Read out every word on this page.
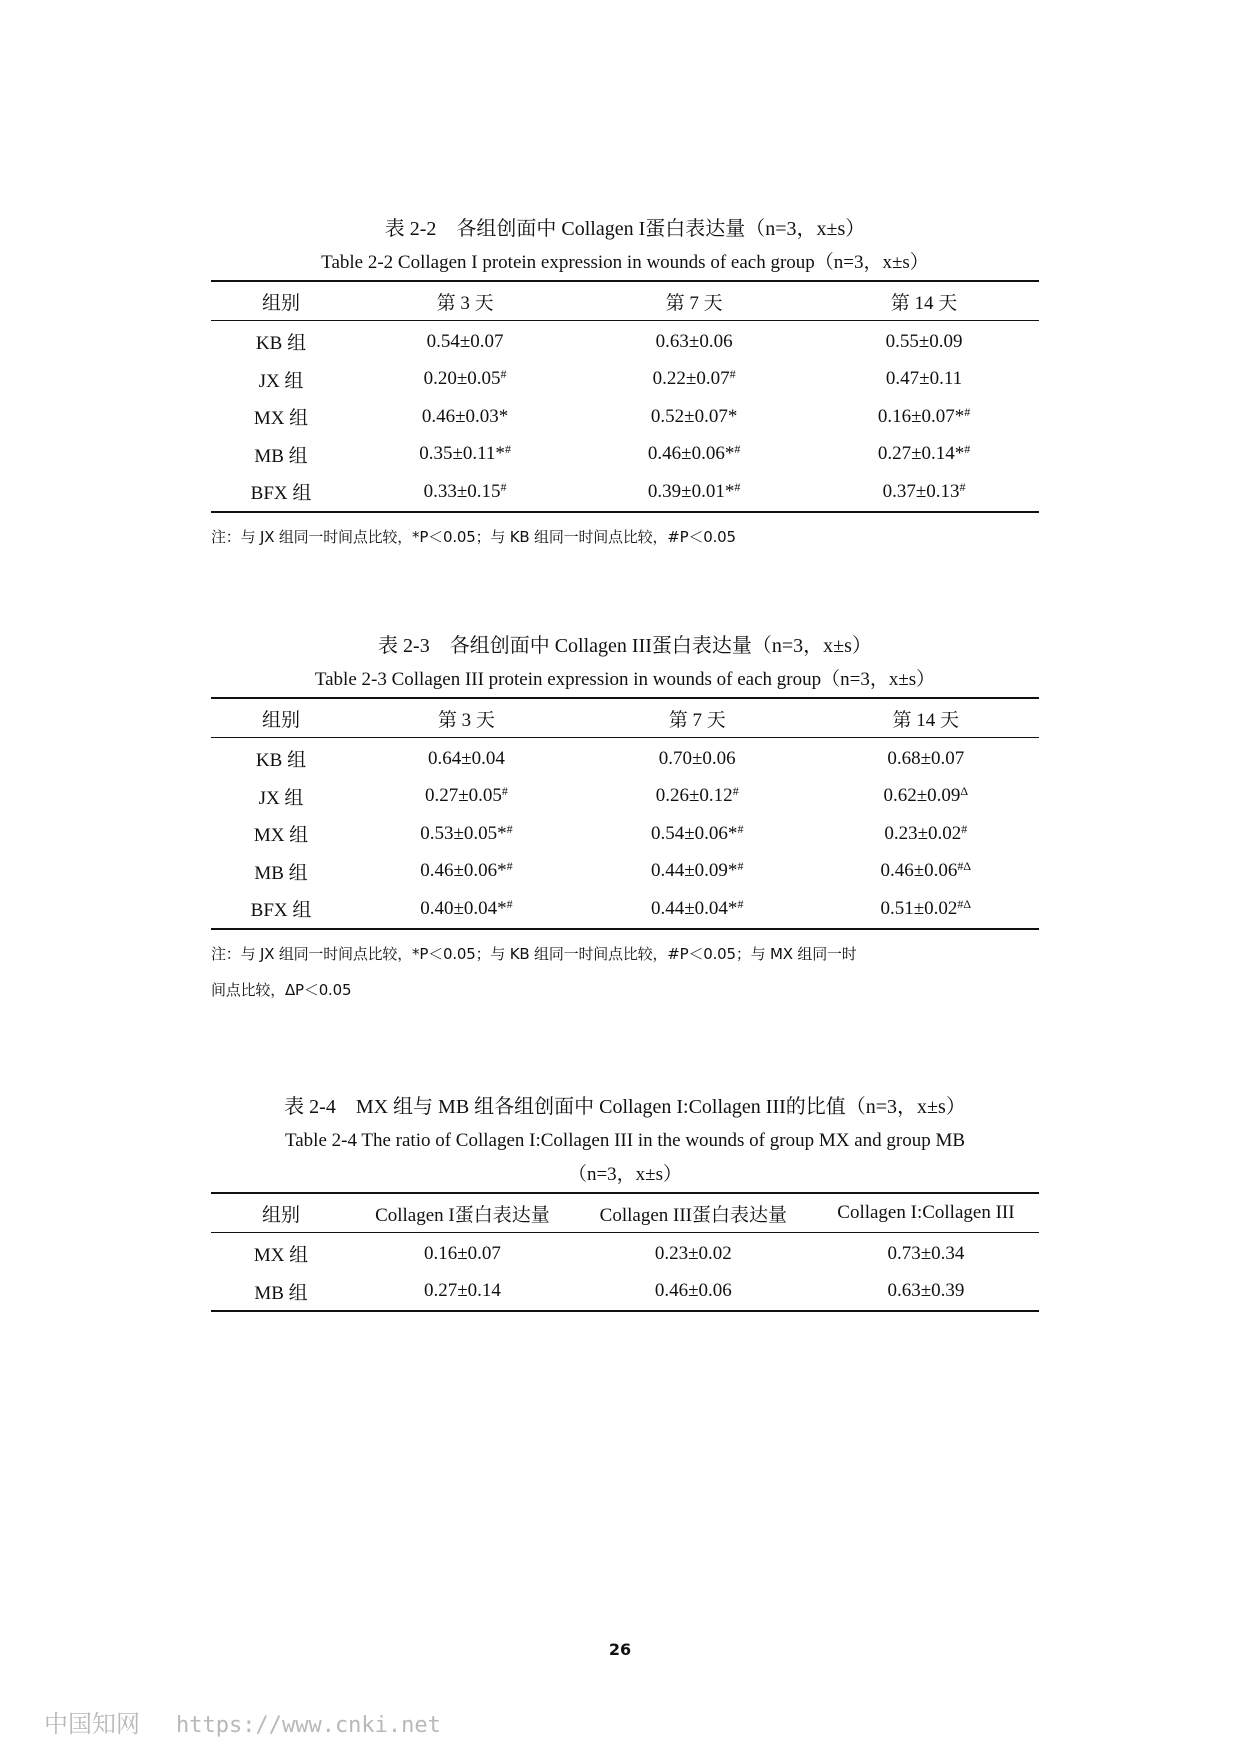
表 2-2　各组创面中 Collagen I蛋白表达量（n=3，x±s）
Table 2-2 Collagen I protein expression in wounds of each group（n=3，x±s）
组别	第 3 天	第 7 天	第 14 天
KB 组	0.54±0.07	0.63±0.06	0.55±0.09
JX 组	0.20±0.05#	0.22±0.07#	0.47±0.11
MX 组	0.46±0.03*	0.52±0.07*	0.16±0.07*#
MB 组	0.35±0.11*#	0.46±0.06*#	0.27±0.14*#
BFX 组	0.33±0.15#	0.39±0.01*#	0.37±0.13#
注：与 JX 组同一时间点比较，*P＜0.05；与 KB 组同一时间点比较，#P＜0.05
表 2-3　各组创面中 Collagen III蛋白表达量（n=3，x±s）
Table 2-3 Collagen III protein expression in wounds of each group（n=3，x±s）
组别	第 3 天	第 7 天	第 14 天
KB 组	0.64±0.04	0.70±0.06	0.68±0.07
JX 组	0.27±0.05#	0.26±0.12#	$0.62\pm 0.09^\Delta$
MX 组	0.53±0.05*#	0.54±0.06*#	0.23±0.02#
MB 组	0.46±0.06*#	0.44±0.09*#	$0.46\pm 0.06^{\#\Delta}$
BFX 组	0.40±0.04*#	0.44±0.04*#	$0.51\pm 0.02^{\#\Delta}$
注：与 JX 组同一时间点比较，*P＜0.05；与 KB 组同一时间点比较，#P＜0.05；与 MX 组同一时
间点比较，ΔP＜0.05
表 2-4　MX 组与 MB 组各组创面中 Collagen I:Collagen III的比值（n=3，x±s）
Table 2-4 The ratio of Collagen I:Collagen III in the wounds of group MX and group MB
（n=3，x±s）
组别	Collagen I蛋白表达量	Collagen III蛋白表达量	Collagen I:Collagen III
MX 组	0.16±0.07	0.23±0.02	0.73±0.34
MB 组	0.27±0.14	0.46±0.06	0.63±0.39
26
中国知网 https://www.cnki.net
